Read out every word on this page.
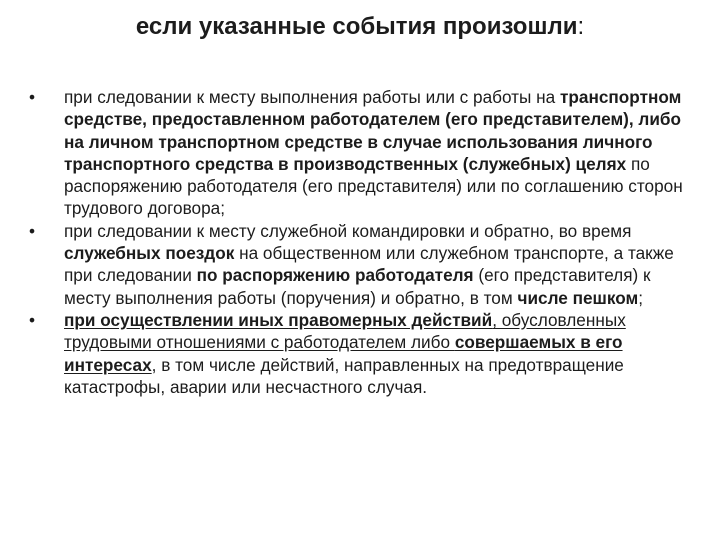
если указанные события произошли:
• при следовании к месту выполнения работы или с работы на транспортном средстве, предоставленном работодателем (его представителем), либо на личном транспортном средстве в случае использования личного транспортного средства в производственных (служебных) целях по распоряжению работодателя (его представителя) или по соглашению сторон трудового договора;
• при следовании к месту служебной командировки и обратно, во время служебных поездок на общественном или служебном транспорте, а также при следовании по распоряжению работодателя (его представителя) к месту выполнения работы (поручения) и обратно, в том числе пешком;
• при осуществлении иных правомерных действий, обусловленных трудовыми отношениями с работодателем либо совершаемых в его интересах, в том числе действий, направленных на предотвращение катастрофы, аварии или несчастного случая.
